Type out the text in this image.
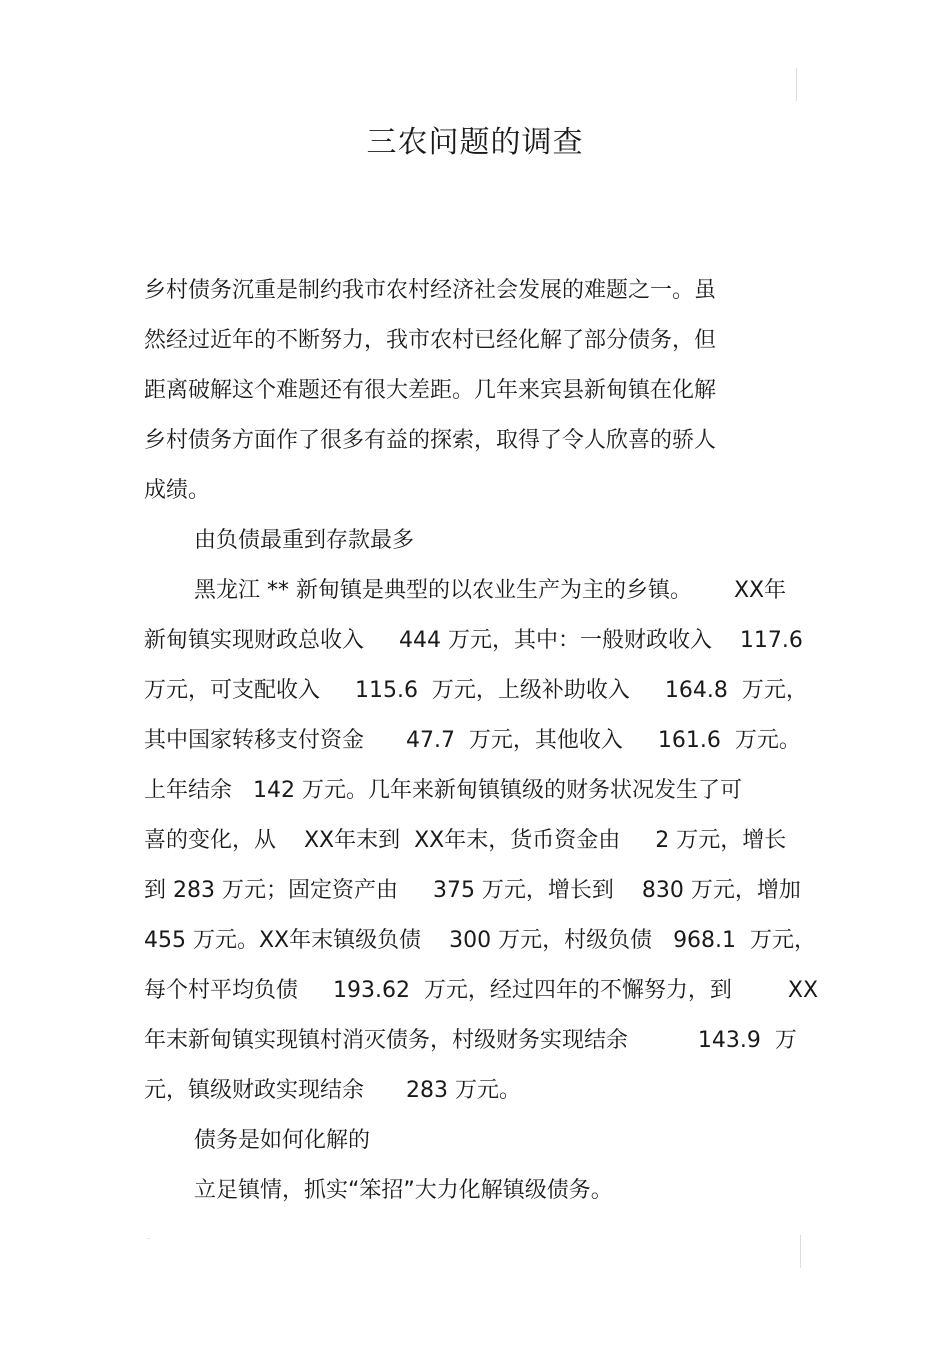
三农问题的调查
乡村债务沉重是制约我市农村经济社会发展的难题之一。虽
然经过近年的不断努力，我市农村已经化解了部分债务，但
距离破解这个难题还有很大差距。几年来宾县新甸镇在化解
乡村债务方面作了很多有益的探索，取得了令人欣喜的骄人
成绩。
由负债最重到存款最多
黑龙江 ** 新甸镇是典型的以农业生产为主的乡镇。      XX年
新甸镇实现财政总收入     444 万元，其中：一般财政收入    117.6
万元，可支配收入     115.6  万元，上级补助收入     164.8  万元，
其中国家转移支付资金      47.7  万元，其他收入     161.6  万元。
上年结余   142 万元。几年来新甸镇镇级的财务状况发生了可
喜的变化，从    XX年末到  XX年末，货币资金由     2 万元，增长
到 283 万元；固定资产由     375 万元，增长到    830 万元，增加
455 万元。XX年末镇级负债    300 万元，村级负债   968.1  万元，
每个村平均负债     193.62  万元，经过四年的不懈努力，到        XX
年末新甸镇实现镇村消灭债务，村级财务实现结余          143.9  万
元，镇级财政实现结余      283 万元。
债务是如何化解的
立足镇情，抓实“笨招”大力化解镇级债务。
